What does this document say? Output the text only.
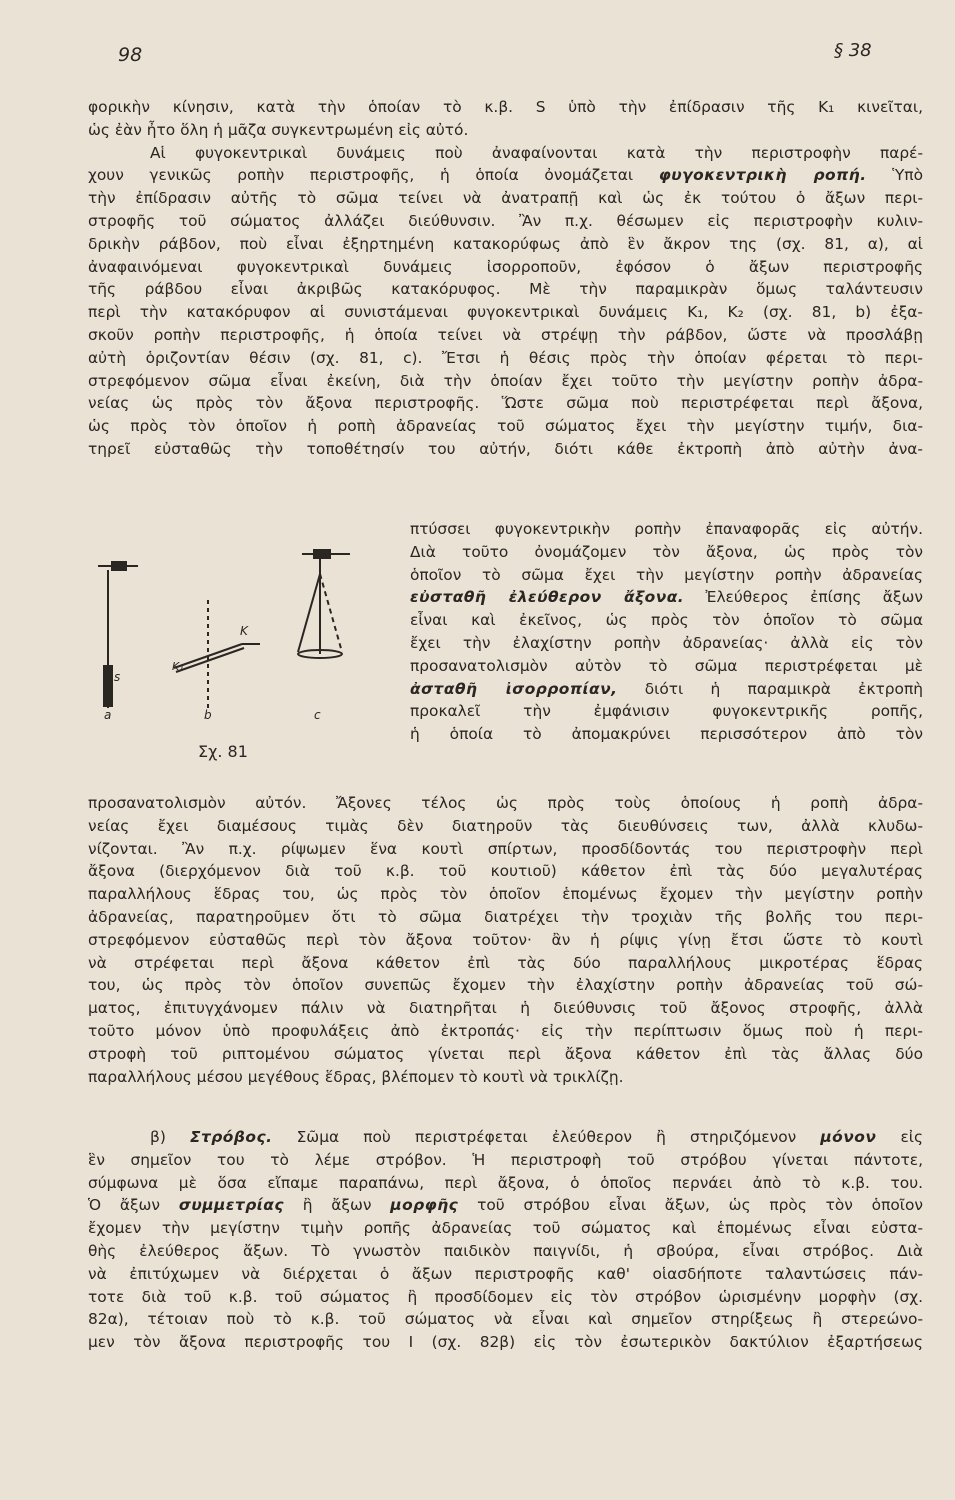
98	§ 38
φορικὴν κίνησιν, κατὰ τὴν ὁποίαν τὸ κ.β. S ὑπὸ τὴν ἐπίδρασιν τῆς K₁ κινεῖται,
ὡς ἐὰν ἦτο ὅλη ἡ μᾶζα συγκεντρωμένη εἰς αὐτό.
Αἱ φυγοκεντρικαὶ δυνάμεις ποὺ ἀναφαίνονται κατὰ τὴν περιστροφὴν παρέ-
χουν γενικῶς ροπὴν περιστροφῆς, ἡ ὁποία ὀνομάζεται φυγοκεντρικὴ ροπή. Ὑπὸ
τὴν ἐπίδρασιν αὐτῆς τὸ σῶμα τείνει νὰ ἀνατραπῇ καὶ ὡς ἐκ τούτου ὁ ἄξων περι-
στροφῆς τοῦ σώματος ἀλλάζει διεύθυνσιν. Ἂν π.χ. θέσωμεν εἰς περιστροφὴν κυλιν-
δρικὴν ράβδον, ποὺ εἶναι ἐξηρτημένη κατακορύφως ἀπὸ ἓν ἄκρον της (σχ. 81, α), αἱ
ἀναφαινόμεναι φυγοκεντρικαὶ δυνάμεις ἰσορροποῦν, ἐφόσον ὁ ἄξων περιστροφῆς
τῆς ράβδου εἶναι ἀκριβῶς κατακόρυφος. Μὲ τὴν παραμικρὰν ὅμως ταλάντευσιν
περὶ τὴν κατακόρυφον αἱ συνιστάμεναι φυγοκεντρικαὶ δυνάμεις K₁, K₂ (σχ. 81, b) ἐξα-
σκοῦν ροπὴν περιστροφῆς, ἡ ὁποία τείνει νὰ στρέψῃ τὴν ράβδον, ὥστε νὰ προσλάβῃ
αὐτὴ ὁριζοντίαν θέσιν (σχ. 81, c). Ἔτσι ἡ θέσις πρὸς τὴν ὁποίαν φέρεται τὸ περι-
στρεφόμενον σῶμα εἶναι ἐκείνη, διὰ τὴν ὁποίαν ἔχει τοῦτο τὴν μεγίστην ροπὴν ἀδρα-
νείας ὡς πρὸς τὸν ἄξονα περιστροφῆς. Ὥστε σῶμα ποὺ περιστρέφεται περὶ ἄξονα,
ὡς πρὸς τὸν ὁποῖον ἡ ροπὴ ἀδρανείας τοῦ σώματος ἔχει τὴν μεγίστην τιμήν, δια-
τηρεῖ εὐσταθῶς τὴν τοποθέτησίν του αὐτήν, διότι κάθε ἐκτροπὴ ἀπὸ αὐτὴν ἀνα-
s
K
K₁
a	b	c
Σχ. 81
πτύσσει φυγοκεντρικὴν ροπὴν ἐπαναφορᾶς εἰς αὐτήν.
Διὰ τοῦτο ὀνομάζομεν τὸν ἄξονα, ὡς πρὸς τὸν
ὁποῖον τὸ σῶμα ἔχει τὴν μεγίστην ροπὴν ἀδρανείας
εὐσταθῆ ἐλεύθερον ἄξονα. Ἐλεύθερος ἐπίσης ἄξων
εἶναι καὶ ἐκεῖνος, ὡς πρὸς τὸν ὁποῖον τὸ σῶμα
ἔχει τὴν ἐλαχίστην ροπὴν ἀδρανείας· ἀλλὰ εἰς τὸν
προσανατολισμὸν αὐτὸν τὸ σῶμα περιστρέφεται μὲ
ἀσταθῆ ἰσορροπίαν, διότι ἡ παραμικρὰ ἐκτροπὴ
προκαλεῖ τὴν ἐμφάνισιν φυγοκεντρικῆς ροπῆς,
ἡ ὁποία τὸ ἀπομακρύνει περισσότερον ἀπὸ τὸν
προσανατολισμὸν αὐτόν. Ἄξονες τέλος ὡς πρὸς τοὺς ὁποίους ἡ ροπὴ ἀδρα-
νείας ἔχει διαμέσους τιμὰς δὲν διατηροῦν τὰς διευθύνσεις των, ἀλλὰ κλυδω-
νίζονται. Ἂν π.χ. ρίψωμεν ἕνα κουτὶ σπίρτων, προσδίδοντάς του περιστροφὴν περὶ
ἄξονα (διερχόμενον διὰ τοῦ κ.β. τοῦ κουτιοῦ) κάθετον ἐπὶ τὰς δύο μεγαλυτέρας
παραλλήλους ἕδρας του, ὡς πρὸς τὸν ὁποῖον ἑπομένως ἔχομεν τὴν μεγίστην ροπὴν
ἀδρανείας, παρατηροῦμεν ὅτι τὸ σῶμα διατρέχει τὴν τροχιὰν τῆς βολῆς του περι-
στρεφόμενον εὐσταθῶς περὶ τὸν ἄξονα τοῦτον· ἂν ἡ ρίψις γίνῃ ἔτσι ὥστε τὸ κουτὶ
νὰ στρέφεται περὶ ἄξονα κάθετον ἐπὶ τὰς δύο παραλλήλους μικροτέρας ἕδρας
του, ὡς πρὸς τὸν ὁποῖον συνεπῶς ἔχομεν τὴν ἐλαχίστην ροπὴν ἀδρανείας τοῦ σώ-
ματος, ἐπιτυγχάνομεν πάλιν νὰ διατηρῆται ἡ διεύθυνσις τοῦ ἄξονος στροφῆς, ἀλλὰ
τοῦτο μόνον ὑπὸ προφυλάξεις ἀπὸ ἐκτροπάς· εἰς τὴν περίπτωσιν ὅμως ποὺ ἡ περι-
στροφὴ τοῦ ριπτομένου σώματος γίνεται περὶ ἄξονα κάθετον ἐπὶ τὰς ἄλλας δύο
παραλλήλους μέσου μεγέθους ἕδρας, βλέπομεν τὸ κουτὶ νὰ τρικλίζῃ.
β) Στρόβος. Σῶμα ποὺ περιστρέφεται ἐλεύθερον ἢ στηριζόμενον μόνον εἰς
ἓν σημεῖον του τὸ λέμε στρόβον. Ἡ περιστροφὴ τοῦ στρόβου γίνεται πάντοτε,
σύμφωνα μὲ ὅσα εἴπαμε παραπάνω, περὶ ἄξονα, ὁ ὁποῖος περνάει ἀπὸ τὸ κ.β. του.
Ὁ ἄξων συμμετρίας ἢ ἄξων μορφῆς τοῦ στρόβου εἶναι ἄξων, ὡς πρὸς τὸν ὁποῖον
ἔχομεν τὴν μεγίστην τιμὴν ροπῆς ἀδρανείας τοῦ σώματος καὶ ἑπομένως εἶναι εὐστα-
θὴς ἐλεύθερος ἄξων. Τὸ γνωστὸν παιδικὸν παιγνίδι, ἡ σβούρα, εἶναι στρόβος. Διὰ
νὰ ἐπιτύχωμεν νὰ διέρχεται ὁ ἄξων περιστροφῆς καθ' οἱασδήποτε ταλαντώσεις πάν-
τοτε διὰ τοῦ κ.β. τοῦ σώματος ἢ προσδίδομεν εἰς τὸν στρόβον ὡρισμένην μορφὴν (σχ.
82α), τέτοιαν ποὺ τὸ κ.β. τοῦ σώματος νὰ εἶναι καὶ σημεῖον στηρίξεως ἢ στερεώνο-
μεν τὸν ἄξονα περιστροφῆς του Ι (σχ. 82β) εἰς τὸν ἐσωτερικὸν δακτύλιον ἐξαρτήσεως
